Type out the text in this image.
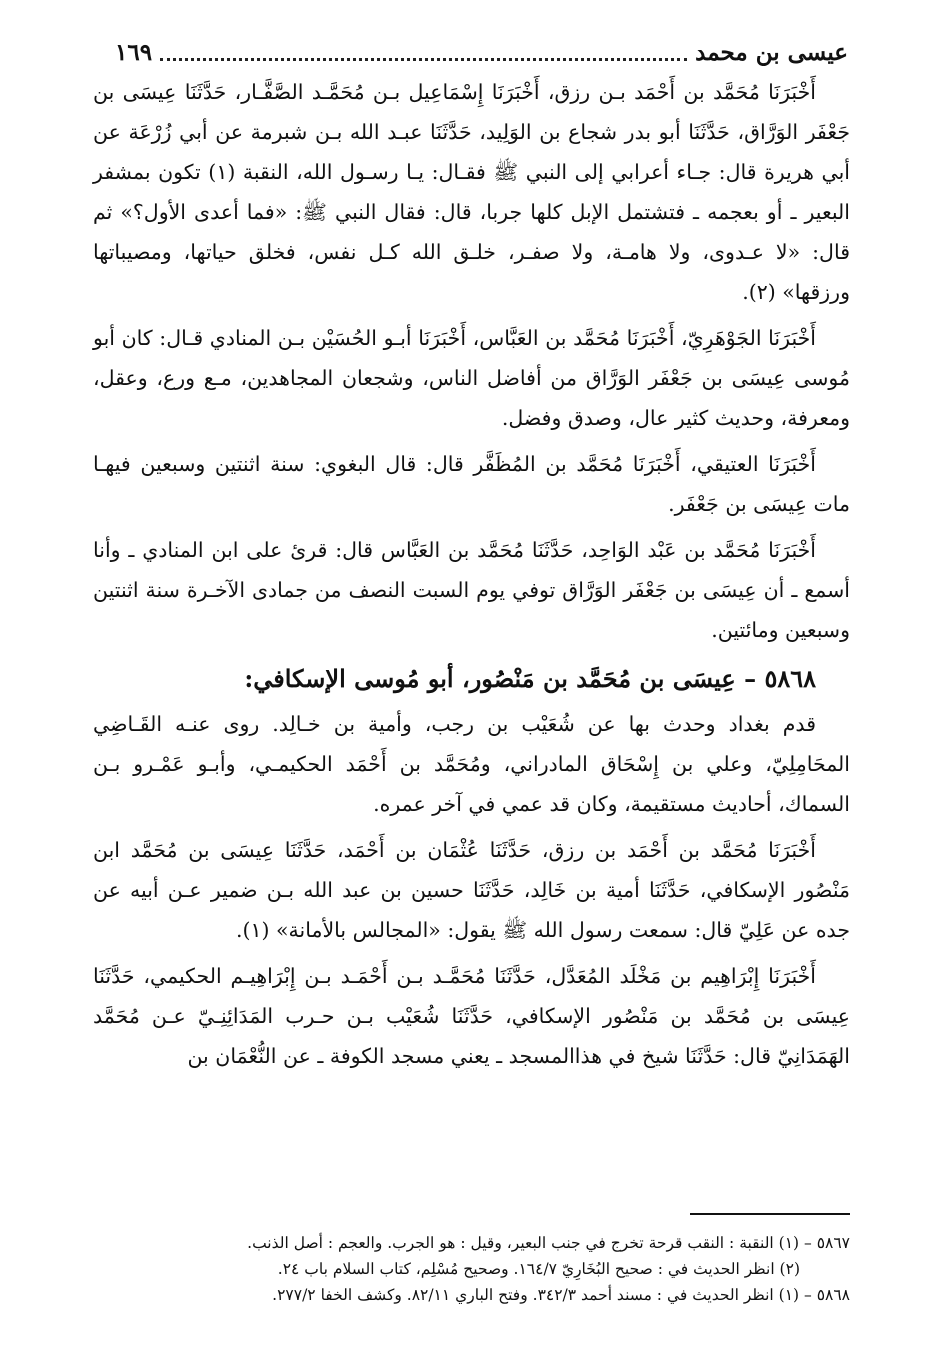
عيسى بن محمد
١٦٩

أَخْبَرَنَا مُحَمَّد بن أَحْمَد بـن رزق، أَخْبَرَنَا إِسْمَاعِيل بـن مُحَمَّـد الصَّفَّـار، حَدَّثَنَا عِيسَى بن جَعْفَر الوَرَّاق، حَدَّثَنَا أبو بدر شجاع بن الوَلِيد، حَدَّثَنَا عبـد الله بـن شبرمة عن أبي زُرْعَة عن أبي هريرة قال: جـاء أعرابي إلى النبي ﷺ فقـال: يـا رسـول الله، النقبة (١) تكون بمشفر البعير ـ أو بعجمه ـ فتشتمل الإبل كلها جربا، قال: فقال النبي ﷺ: «فما أعدى الأول؟» ثم قال: «لا عـدوى، ولا هامـة، ولا صفـر، خلـق الله كـل نفس، فخلق حياتها، ومصيباتها ورزقها» (٢).

أَخْبَرَنَا الجَوْهَرِيّ، أَخْبَرَنَا مُحَمَّد بن العَبَّاس، أَخْبَرَنَا أبـو الحُسَيْن بـن المنادي قـال: كان أبو مُوسى عِيسَى بن جَعْفَر الوَرَّاق من أفاضل الناس، وشجعان المجاهدين، مـع ورع، وعقل، ومعرفة، وحديث كثير عال، وصدق وفضل.

أَخْبَرَنَا العتيقي، أَخْبَرَنَا مُحَمَّد بن المُظَفَّر قال: قال البغوي: سنة اثنتين وسبعين فيهـا مات عِيسَى بن جَعْفَر.

أَخْبَرَنَا مُحَمَّد بن عَبْد الوَاحِد، حَدَّثَنَا مُحَمَّد بن العَبَّاس قال: قرئ على ابن المنادي ـ وأنا أسمع ـ أن عِيسَى بن جَعْفَر الوَرَّاق توفي يوم السبت النصف من جمادى الآخـرة سنة اثنتين وسبعين ومائتين.

٥٨٦٨ – عِيسَى بن مُحَمَّد بن مَنْصُور، أبو مُوسى الإسكافي:

قدم بغداد وحدث بها عن شُعَيْب بن رجب، وأمية بن خـالِد. روى عنـه القَـاضِي المحَامِلِيّ، وعلي بن إِسْحَاق المادراني، ومُحَمَّد بن أَحْمَد الحكيمـي، وأبـو عَمْـرو بـن السماك، أحاديث مستقيمة، وكان قد عمي في آخر عمره.

أَخْبَرَنَا مُحَمَّد بن أَحْمَد بن رزق، حَدَّثَنَا عُثْمَان بن أَحْمَد، حَدَّثَنَا عِيسَى بن مُحَمَّد ابن مَنْصُور الإسكافي، حَدَّثَنَا أمية بن خَالِد، حَدَّثَنَا حسين بن عبد الله بـن ضمير عـن أبيه عن جده عن عَلِيّ قال: سمعت رسول الله ﷺ يقول: «المجالس بالأمانة» (١).

أَخْبَرَنَا إِبْرَاهِيم بن مَخْلَد المُعَدَّل، حَدَّثَنَا مُحَمَّـد بـن أَحْمَـد بـن إِبْرَاهِيـم الحكيمي، حَدَّثَنَا عِيسَى بن مُحَمَّد بن مَنْصُور الإسكافي، حَدَّثَنَا شُعَيْب بـن حـرب المَدَائِنِـيّ عـن مُحَمَّد الهَمَدَانِيّ قال: حَدَّثَنَا شيخ في هذاالمسجد ـ يعني مسجد الكوفة ـ عن النُّعْمَان بن

٥٨٦٧ – (١) النقبة : النقب قرحة تخرج في جنب البعير، وقيل : هو الجرب. والعجم : أصل الذنب.
(٢) انظر الحديث في : صحيح البُخَارِيّ ١٦٤/٧. وصحيح مُسْلِم، كتاب السلام باب ٢٤.
٥٨٦٨ – (١) انظر الحديث في : مسند أحمد ٣٤٢/٣. وفتح الباري ٨٢/١١. وكشف الخفا ٢٧٧/٢.
